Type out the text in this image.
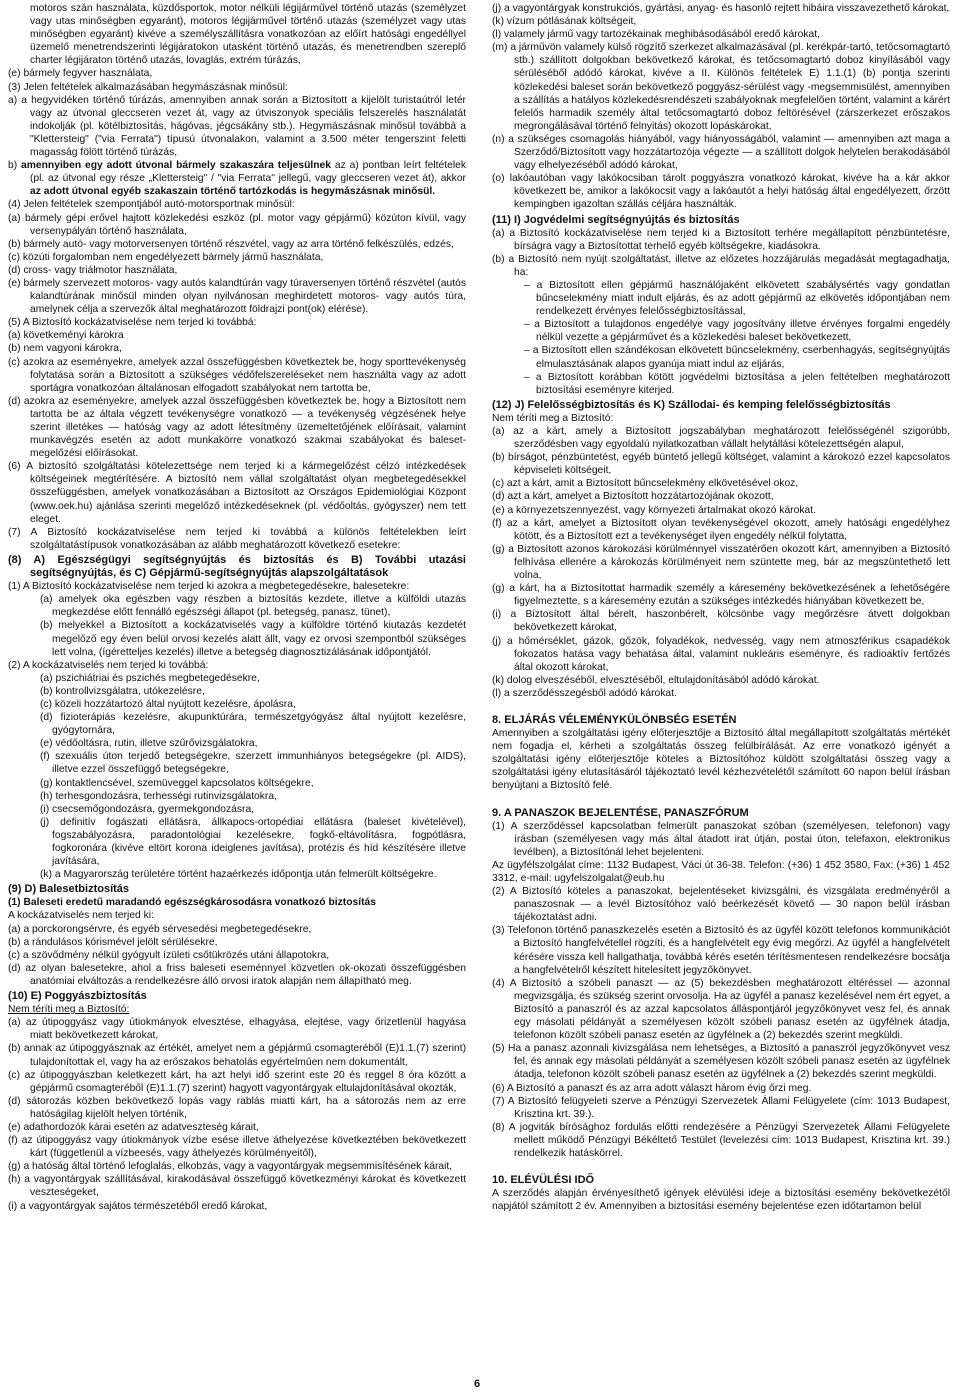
motoros szán használata, küzdősportok, motor nélküli légijárművel történő utazás (személyzet vagy utas minőségben egyaránt), motoros légijárművel történő utazás (személyzet vagy utas minőségben egyaránt) kivéve a személyszállításra vonatkozóan az előírt hatósági engedéllyel üzemelő menetrendszerinti légijáratokon utasként történő utazás, és menetrendben szereplő charter légijáraton történő utazás, lovaglás, extrém túrázás,

(e) bármely fegyver használata,

(3) Jelen feltételek alkalmazásában hegymászásnak minősül:

a) a hegyvidéken történő túrázás, amennyiben annak során a Biztosított a kijelölt turistaútról letér vagy az útvonal gleccseren vezet át, vagy az útviszonyok speciális felszerelés használatát indokolják (pl. kötélbiztosítás, hágóvas, jégcsákány stb.). Hegymászásnak minősül továbbá a "Klettersteig" ("via Ferrata") típusú útvonalakon, valamint a 3.500 méter tengerszint feletti magasság fölött történő túrázás,

b) amennyiben egy adott útvonal bármely szakaszára teljesülnek az a) pontban leírt feltételek (pl. az útvonal egy része „Klettersteig" / "via Ferrata" jellegű, vagy gleccseren vezet át), akkor az adott útvonal egyéb szakaszain történő tartózkodás is hegymászásnak minősül.

(4) Jelen feltételek szempontjából autó-motorsportnak minősül:

(a) bármely gépi erővel hajtott közlekedési eszköz (pl. motor vagy gépjármű) közúton kívül, vagy versenypályán történő használata,

(b) bármely autó- vagy motorversenyen történő részvétel, vagy az arra történő felkészülés, edzés,

(c) közúti forgalomban nem engedélyezett bármely jármű használata,

(d) cross- vagy triálmotor használata,

(e) bármely szervezett motoros- vagy autós kalandtúrán vagy túraversenyen történő részvétel (autós kalandtúrának minősül minden olyan nyilvánosan meghirdetett motoros- vagy autós túra, amelynek célja a szervezők által meghatározott földrajzi pont(ok) elérése).

(5) A Biztosító kockázatviselése nem terjed ki továbbá:

(a) követkeményi károkra

(b) nem vagyoni károkra,

(c) azokra az eseményekre, amelyek azzal összefüggésben következtek be, hogy sporttevékenység folytatása során a Biztosított a szükséges védőfelszereléseket nem használta vagy az adott sportágra vonatkozóan általánosan elfogadott szabályokat nem tartotta be,

(d) azokra az eseményekre, amelyek azzal összefüggésben következtek be, hogy a Biztosított nem tartotta be az általa végzett tevékenységre vonatkozó — a tevékenység végzésének helye szerint illetékes — hatóság vagy az adott létesítmény üzemeltetőjének előírásait, valamint munkavégzés esetén az adott munkakörre vonatkozó szakmai szabályokat és baleset-megelőzési előírásokat.

(6) A biztosító szolgáltatási kötelezettsége nem terjed ki a kármegelőzést célzó intézkedések költségeinek megtérítésére. A biztosító nem vállal szolgáltatást olyan megbetegedésekkel összefüggésben, amelyek vonatkozásában a Biztosított az Országos Epidemiológiai Központ (www.oek.hu) ajánlása szerinti megelőző intézkedéseknek (pl. védőoltás, gyógyszer) nem tett eleget.

(7) A Biztosító kockázatviselése nem terjed ki továbbá a különös feltételekben leírt szolgáltatástípusok vonatkozásában az alább meghatározott következő esetekre:

(8) A) Egészségügyi segítségnyújtás és biztosítás és B) További utazási segítségnyújtás, és C) Gépjármű-segítségnyújtás alapszolgáltatások

(1) A Biztosító kockázatviselése nem terjed ki azokra a megbetegedésekre, balesetekre:

(a) amelyek oka egészben vagy részben a biztosítás kezdete, illetve a külföldi utazás megkezdése előtt fennálló egészségi állapot (pl. betegség, panasz, tünet),

(b) melyekkel a Biztosított a kockázatviselés vagy a külföldre történő kiutazás kezdetét megelőző egy éven belül orvosi kezelés alatt állt, vagy ez orvosi szempontból szükséges lett volna, (ígéretteljes kezelés) illetve a betegség diagnosztizálásának időpontjától.

(2) A kockázatviselés nem terjed ki továbbá:

(a) pszichiátriai és pszichés megbetegedésekre,

(b) kontrollvizsgálatra, utókezelésre,

(c) közeli hozzátartozó által nyújtott kezelésre, ápolásra,

(d) fizioterápiás kezelésre, akupunktúrára, természetgyógyász által nyújtott kezelésre, gyógytornára,

(e) védőoltásra, rutin, illetve szűrővizsgálatokra,

(f) szexuális úton terjedő betegségekre, szerzett immunhiányos betegségekre (pl. AIDS), illetve ezzel összefüggő betegségekre,

(g) kontaktlencsével, szemüveggel kapcsolatos költségekre,

(h) terhesgondozásra, terhességi rutinvizsgálatokra,

(i) csecsemőgondozásra, gyermekgondozásra,

(j) definitív fogászati ellátásra, állkapocs-ortopédiai ellátásra (baleset kivételével), fogszabályozásra, paradontológiai kezelésekre, fogkő-eltávolításra, fogpótlásra, fogkoronára (kivéve eltört korona ideiglenes javítása), protézis és híd készítésére illetve javítására,

(k) a Magyarország területére történt hazaérkezés időpontja után felmerült költségekre.

(9) D) Balesetbiztosítás

(1) Baleseti eredetű maradandó egészségkárosodásra vonatkozó biztosítás

A kockázatviselés nem terjed ki:

(a) a porckorongsérvre, és egyéb sérvesedési megbetegedésekre,

(b) a rándulásos kórismével jelölt sérülésekre,

(c) a szövődmény nélkül gyógyult ízületi csőtükrözés utáni állapotokra,

(d) az olyan balesetekre, ahol a friss baleseti eseménnyel közvetlen ok-okozati összefüggésben anatómiai elváltozás a rendelkezésre álló orvosi iratok alapján nem állapítható meg.

(10) E) Poggyászbiztosítás

Nem téríti meg a Biztosító:

(a) az útipoggyász vagy útiokmányok elvesztése, elhagyása, elejtése, vagy őrizetlenül hagyása miatt bekövetkezett károkat,

(b) annak az útipoggyásznak az értékét, amelyet nem a gépjármű csomagteréből (E)1.1.(7) szerint) tulajdonítottak el, vagy ha az erőszakos behatolás egyértelműen nem dokumentált,

(c) az útipoggyászban keletkezett kárt, ha azt helyi idő szerint este 20 és reggel 8 óra között a gépjármű csomagteréből (E)1.1.(7) szerint) hagyott vagyontárgyak eltulajdonításával okozták,

(d) sátorozás közben bekövetkező lopás vagy rablás miatti kárt, ha a sátorozás nem az erre hatóságilag kijelölt helyen történik,

(e) adathordozók kárai esetén az adatveszteség kárait,

(f) az útipoggyász vagy útiokmányok vízbe esése illetve áthelyezése következtében bekövetkezett kárt (függetlenül a vízbeesés, vagy áthelyezés körülményeitől),

(g) a hatóság által történő lefoglalás, elkobzás, vagy a vagyontárgyak megsemmisítésének kárait,

(h) a vagyontárgyak szállításával, kirakodásával összefüggő következményi károkat és következett veszteségeket,

(i) a vagyontárgyak sajátos természetéből eredő károkat,

(j) a vagyontárgyak konstrukciós, gyártási, anyag- és hasonló rejtett hibáira visszavezethető károkat,

(k) vízum pótlásának költségeit,

(l) valamely jármű vagy tartozékainak meghibásodásából eredő károkat,

(m) a járművön valamely külső rögzítő szerkezet alkalmazásával (pl. kerékpár-tartó, tetőcsomagtartó stb.) szállított dolgokban bekövetkező károkat, és tetőcsomagtartó doboz kinyílásából vagy sérüléséből adódó károkat, kivéve a II. Különös feltételek E) 1.1.(1) (b) pontja szerinti közlekedési baleset során bekövetkező poggyász-sérülést vagy -megsemmisülést, amennyiben a szállítás a hatályos közlekedésrendészeti szabályoknak megfelelően történt, valamint a kárért felelős harmadik személy által tetőcsomagtartó doboz feltörésével (zárszerkezet erőszakos megrongálásával történő felnyitás) okozott lopáskárokat,

(n) a szükséges csomagolás hiányából, vagy hiányosságából, valamint — amennyiben azt maga a Szerződő/Biztosított vagy hozzátartozója végezte — a szállított dolgok helytelen berakodásából vagy elhelyezéséből adódó károkat,

(o) lakóautóban vagy lakókocsiban tárolt poggyászra vonatkozó károkat, kivéve ha a kár akkor következett be, amikor a lakókocsit vagy a lakóautót a helyi hatóság által engedélyezett, őrzött kempingben igazoltan szállás céljára használták.

(11) I) Jogvédelmi segítségnyújtás és biztosítás

(a) a Biztosító kockázatviselése nem terjed ki a Biztosított terhére megállapított pénzbüntetésre, bírságra vagy a Biztosítottat terhelő egyéb költségekre, kiadásokra.

(b) a Biztosító nem nyújt szolgáltatást, illetve az előzetes hozzájárulás megadását megtagadhatja, ha:

– a Biztosított ellen gépjármű használójaként elkövetett szabálysértés vagy gondatlan bűncselekmény miatt indult eljárás, és az adott gépjármű az elkövetés időpontjában nem rendelkezett érvényes felelősségbiztosítással,

– a Biztosított a tulajdonos engedélye vagy jogosítvány illetve érvényes forgalmi engedély nélkül vezette a gépjárművet és a közlekedési baleset bekövetkezett,

– a Biztosított ellen szándékosan elkövetett bűncselekmény, cserbenhagyás, segítségnyújtás elmulasztásának alapos gyanúja miatt indul az eljárás,

– a Biztosított korábban kötött jogvédelmi biztosítása a jelen feltételben meghatározott biztosítási eseményre kiterjed.

(12) J) Felelősségbiztosítás és K) Szállodai- és kemping felelősségbiztosítás

Nem téríti meg a Biztosító:

(a) az a kárt, amely a Biztosított jogszabályban meghatározott felelősségénél szigorúbb, szerződésben vagy egyoldalú nyilatkozatban vállalt helytállási kötelezettségén alapul,

(b) bírságot, pénzbüntetést, egyéb büntető jellegű költséget, valamint a károkozó ezzel kapcsolatos képviseleti költségeit,

(c) azt a kárt, amit a Biztosított bűncselekmény elkövetésével okoz,

(d) azt a kárt, amelyet a Biztosított hozzátartozójának okozott,

(e) a környezetszennyezést, vagy környezeti ártalmakat okozó károkat.

(f) az a kárt, amelyet a Biztosított olyan tevékenységével okozott, amely hatósági engedélyhez kötött, és a Biztosított ezt a tevékenységet ilyen engedély nélkül folytatta,

(g) a Biztosított azonos károkozási körülménnyel visszatérően okozott kárt, amennyiben a Biztosító felhívása ellenére a károkozás körülményeit nem szüntette meg, bár az megszüntethető lett volna,

(g) a kárt, ha a Biztosítottat harmadik személy a káresemény bekövetkezésének a lehetőségére figyelmeztette, s a káresemény ezután a szükséges intézkedés hiányában következett be,

(i) a Biztosított által bérelt, haszonbérelt, kölcsönbe vagy megőrzésre átvett dolgokban bekövetkezett károkat,

(j) a hőmérséklet, gázok, gőzök, folyadékok, nedvesség, vagy nem atmoszférikus csapadékok fokozatos hatása vagy behatása által, valamint nukleáris eseményre, és radioaktív fertőzés által okozott károkat,

(k) dolog elveszéséből, elvesztéséből, eltulajdonításából adódó károkat.

(l) a szerződésszegésből adódó károkat.

8. ELJÁRÁS VÉLEMÉNYKÜLÖNBSÉG ESETÉN

Amennyiben a szolgáltatási igény előterjesztője a Biztosító által megállapított szolgáltatás mértékét nem fogadja el, kérheti a szolgáltatás összeg felülbírálását. Az erre vonatkozó igényét a szolgáltatási igény előterjesztője köteles a Biztosítóhoz küldött szolgáltatási összeg vagy a szolgáltatási igény elutasításáról tájékoztató levél kézhezvételétől számított 60 napon belül írásban benyújtani a Biztosító felé.

9. A PANASZOK BEJELENTÉSE, PANASZFÓRUM

(1) A szerződéssel kapcsolatban felmerült panaszokat szóban (személyesen, telefonon) vagy írásban (személyesen vagy más által átadott irat útján, postai úton, telefaxon, elektronikus levélben), a Biztosítónál lehet bejelenteni.

Az ügyfélszolgálat címe: 1132 Budapest, Váci út 36-38. Telefon: (+36) 1 452 3580, Fax: (+36) 1 452 3312, e-mail: ugyfelszolgalat@eub.hu

(2) A Biztosító köteles a panaszokat, bejelentéseket kivizsgálni, és vizsgálata eredményéről a panaszosnak — a levél Biztosítóhoz való beérkezését követő — 30 napon belül írásban tájékoztatást adni.

(3) Telefonon történő panaszkezelés esetén a Biztosító és az ügyfél között telefonos kommunikációt a Biztosító hangfelvétellel rögzíti, és a hangfelvételt egy évig megőrzi. Az ügyfél a hangfelvételt kérésére vissza kell hallgathatja, továbbá kérés esetén térítésmentesen rendelkezésre bocsátja a hangfelvételről készített hitelesített jegyzőkönyvet.

(4) A Biztosító a szóbeli panaszt — az (5) bekezdésben meghatározott eltéréssel — azonnal megvizsgálja, és szükség szerint orvosolja. Ha az ügyfél a panasz kezelésével nem ért egyet, a Biztosító a panaszról és az azzal kapcsolatos álláspontjáról jegyzőkönyvet vesz fel, és annak egy másolati példányát a személyesen közölt szóbeli panasz esetén az ügyfélnek átadja, telefonon közölt szóbeli panasz esetén az ügyfélnek a (2) bekezdés szerint megküldi.

(5) Ha a panasz azonnali kivizsgálása nem lehetséges, a Biztosító a panaszról jegyzőkönyvet vesz fel, és annak egy másolati példányát a személyesen közölt szóbeli panasz esetén az ügyfélnek átadja, telefonon közölt szóbeli panasz esetén az ügyfélnek a (2) bekezdés szerint megküldi.

(6) A Biztosító a panaszt és az arra adott választ három évig őrzi meg.

(7) A Biztosító felügyeleti szerve a Pénzügyi Szervezetek Állami Felügyelete (cím: 1013 Budapest, Krisztina krt. 39.).

(8) A jogviták bírósághoz fordulás előtti rendezésére a Pénzügyi Szervezetek Állami Felügyelete mellett működő Pénzügyi Békéltető Testület (levelezési cím: 1013 Budapest, Krisztina krt. 39.) rendelkezik hatáskörrel.

10. ELÉVÜLÉSI IDŐ

A szerződés alapján érvényesíthető igények elévülési ideje a biztosítási esemény bekövetkezétől napjától számított 2 év. Amennyiben a biztosítási esemény bejelentése ezen időtartamon belül

6
